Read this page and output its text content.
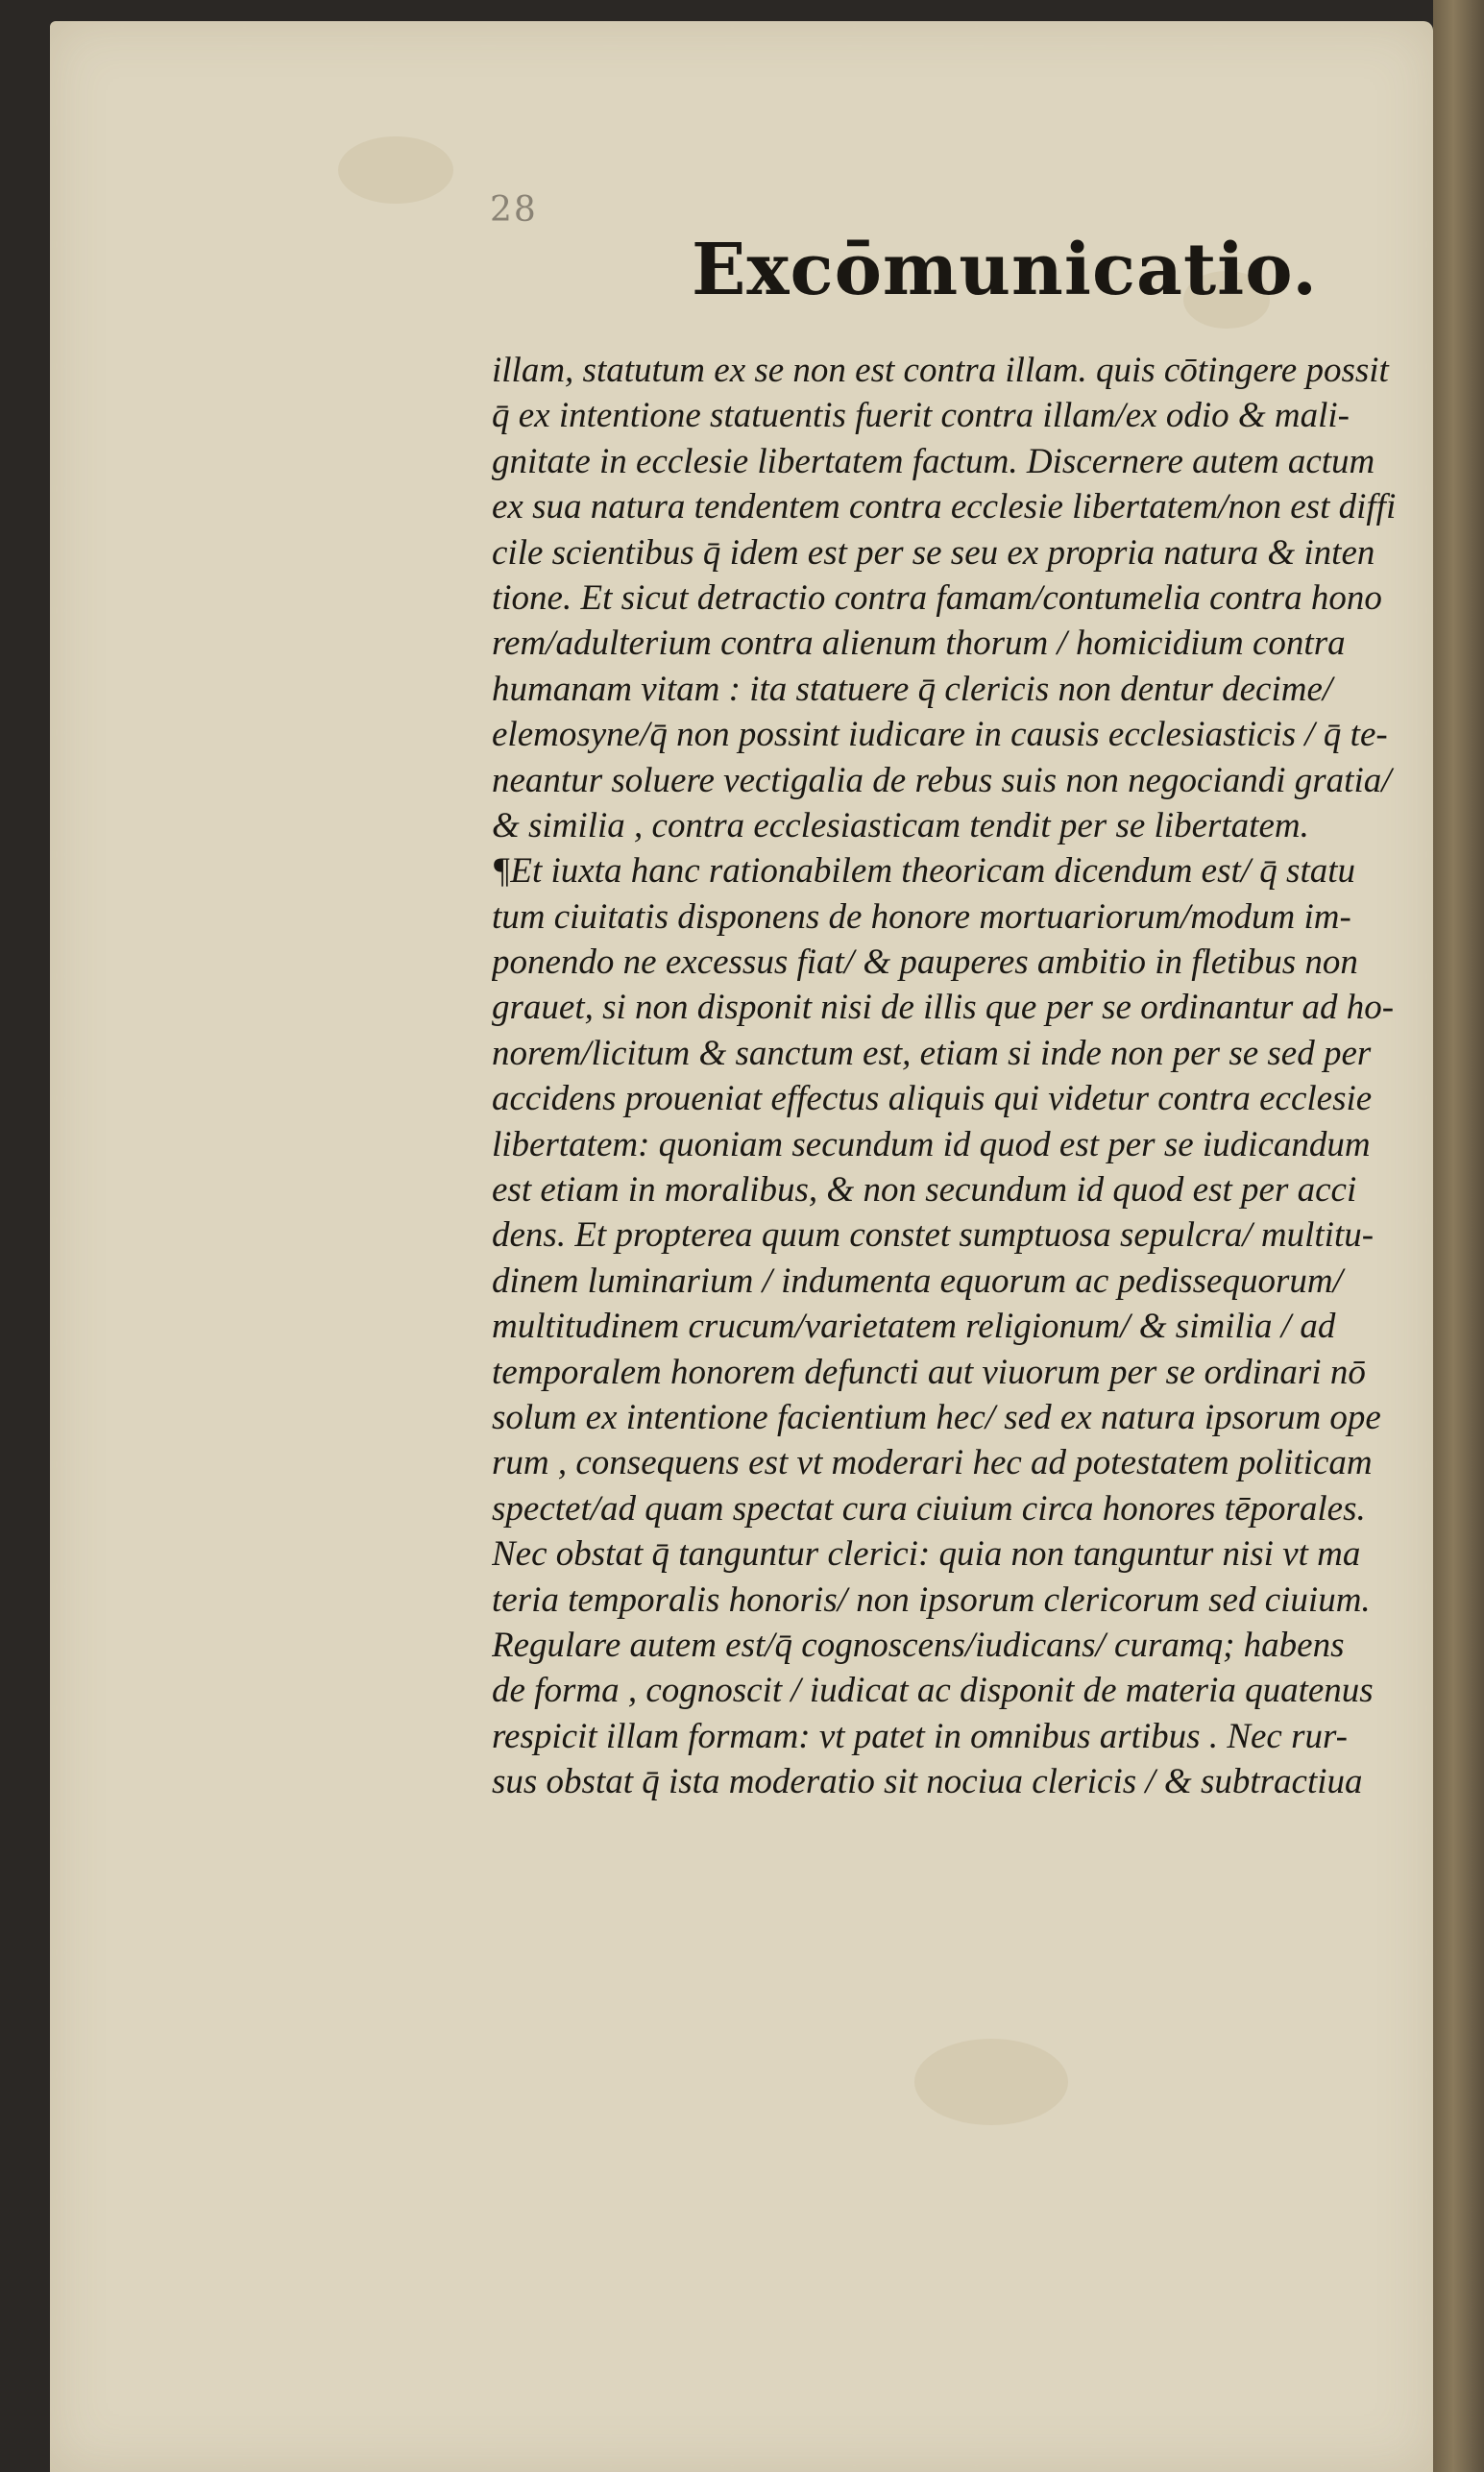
28
Excōmunicatio.
illam, statutum ex se non est contra illam. quis cōtingere possit
q̄ ex intentione statuentis fuerit contra illam/ex odio & mali-
gnitate in ecclesie libertatem factum. Discernere autem actum
ex sua natura tendentem contra ecclesie libertatem/non est diffi
cile scientibus q̄ idem est per se seu ex propria natura & inten
tione. Et sicut detractio contra famam/contumelia contra hono
rem/adulterium contra alienum thorum / homicidium contra
humanam vitam : ita statuere q̄ clericis non dentur decime/
elemosyne/q̄ non possint iudicare in causis ecclesiasticis / q̄ te-
neantur soluere vectigalia de rebus suis non negociandi gratia/
& similia , contra ecclesiasticam tendit per se libertatem.
¶Et iuxta hanc rationabilem theoricam dicendum est/ q̄ statu
tum ciuitatis disponens de honore mortuariorum/modum im-
ponendo ne excessus fiat/ & pauperes ambitio in fletibus non
grauet, si non disponit nisi de illis que per se ordinantur ad ho-
norem/licitum & sanctum est, etiam si inde non per se sed per
accidens proueniat effectus aliquis qui videtur contra ecclesie
libertatem: quoniam secundum id quod est per se iudicandum
est etiam in moralibus, & non secundum id quod est per acci
dens. Et propterea quum constet sumptuosa sepulcra/ multitu-
dinem luminarium / indumenta equorum ac pedissequorum/
multitudinem crucum/varietatem religionum/ & similia / ad
temporalem honorem defuncti aut viuorum per se ordinari nō
solum ex intentione facientium hec/ sed ex natura ipsorum ope
rum , consequens est vt moderari hec ad potestatem politicam
spectet/ad quam spectat cura ciuium circa honores tēporales.
Nec obstat q̄ tanguntur clerici: quia non tanguntur nisi vt ma
teria temporalis honoris/ non ipsorum clericorum sed ciuium.
Regulare autem est/q̄ cognoscens/iudicans/ curamq; habens
de forma , cognoscit / iudicat ac disponit de materia quatenus
respicit illam formam: vt patet in omnibus artibus . Nec rur-
sus obstat q̄ ista moderatio sit nociua clericis / & subtractiua
